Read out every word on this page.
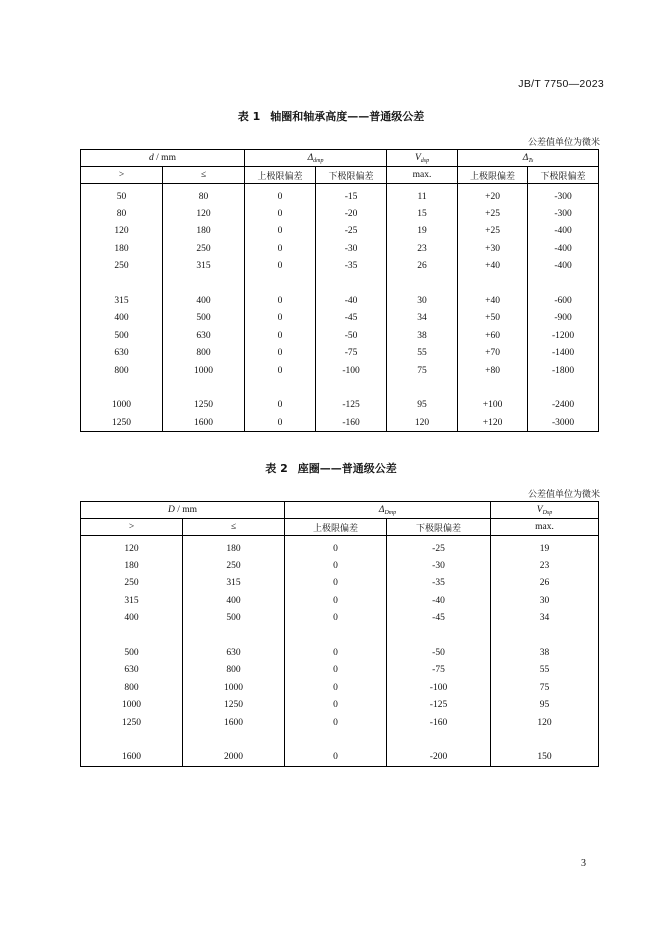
JB/T 7750—2023
表 1 轴圈和轴承高度——普通级公差
公差值单位为微米
d / mm		$\Delta_{dmp}$		$V_{dsp}$	$\Delta_{Ts}$
>	≤	上极限偏差	下极限偏差	max.	上极限偏差	下极限偏差
50	80	0	-15	11	+20	-300
80	120	0	-20	15	+25	-300
120	180	0	-25	19	+25	-400
180	250	0	-30	23	+30	-400
250	315	0	-35	26	+40	-400

315	400	0	-40	30	+40	-600
400	500	0	-45	34	+50	-900
500	630	0	-50	38	+60	-1200
630	800	0	-75	55	+70	-1400
800	1000	0	-100	75	+80	-1800

1000	1250	0	-125	95	+100	-2400
1250	1600	0	-160	120	+120	-3000
表 2 座圈——普通级公差
公差值单位为微米
D / mm		$\Delta_{Dmp}$		$V_{Dsp}$
>	≤	上极限偏差	下极限偏差	max.
120	180	0	-25	19
180	250	0	-30	23
250	315	0	-35	26
315	400	0	-40	30
400	500	0	-45	34

500	630	0	-50	38
630	800	0	-75	55
800	1000	0	-100	75
1000	1250	0	-125	95
1250	1600	0	-160	120

1600	2000	0	-200	150
3
